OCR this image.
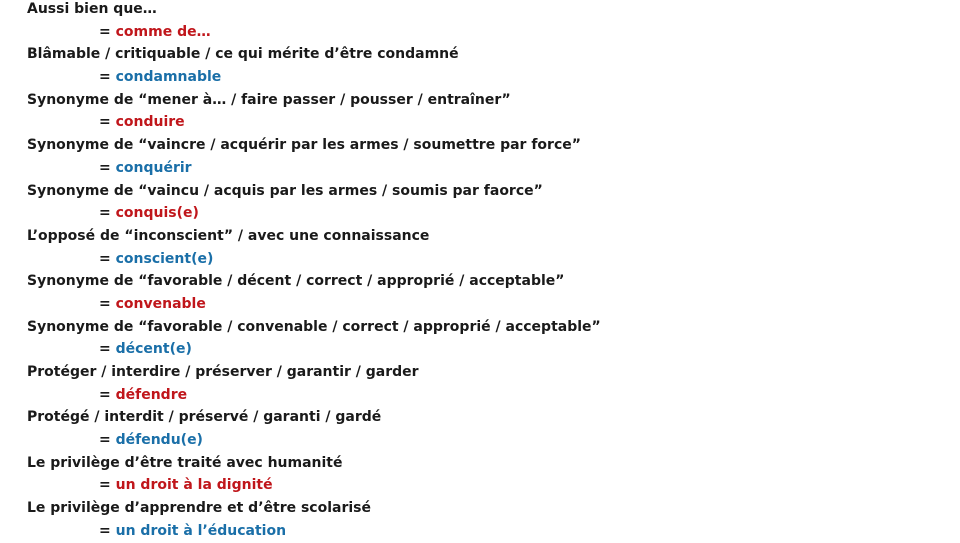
Aussi bien que…
= comme de…
Blâmable / critiquable / ce qui mérite d’être condamné
= condamnable
Synonyme de “mener à… / faire passer / pousser / entraîner”
= conduire
Synonyme de “vaincre / acquérir par les armes / soumettre par force”
= conquérir
Synonyme de “vaincu / acquis par les armes / soumis par faorce”
= conquis(e)
L’opposé de “inconscient” / avec une connaissance
= conscient(e)
Synonyme de “favorable / décent / correct / approprié / acceptable”
= convenable
Synonyme de “favorable / convenable / correct / approprié / acceptable”
= décent(e)
Protéger / interdire / préserver / garantir / garder
= défendre
Protégé / interdit / préservé / garanti / gardé
= défendu(e)
Le privilège d’être traité avec humanité
= un droit à la dignité
Le privilège d’apprendre et d’être scolarisé
= un droit à l’éducation
